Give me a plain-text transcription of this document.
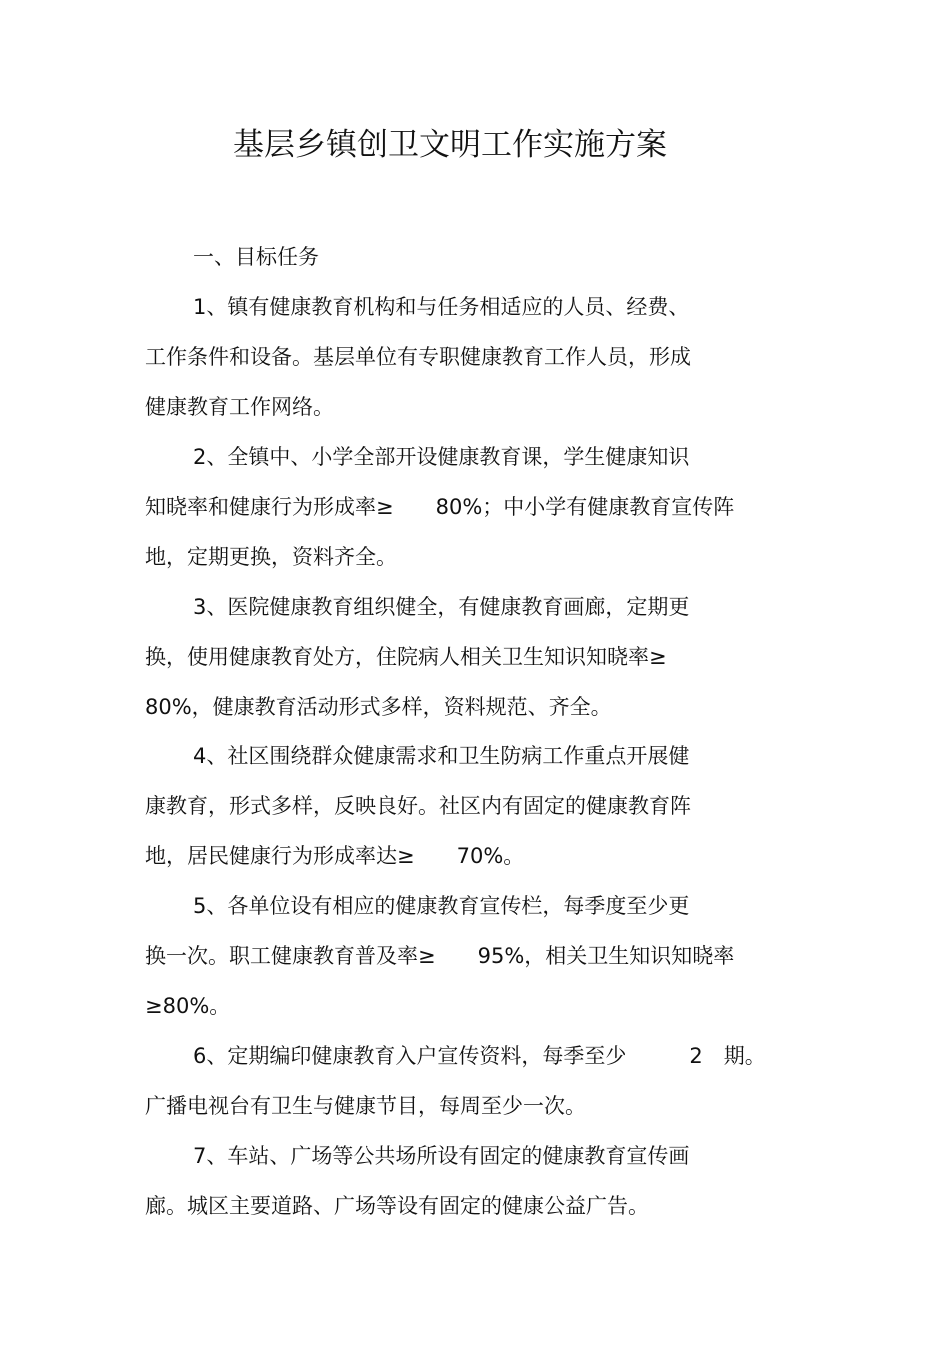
基层乡镇创卫文明工作实施方案

一、目标任务

1、镇有健康教育机构和与任务相适应的人员、经费、

工作条件和设备。基层单位有专职健康教育工作人员，形成

健康教育工作网络。

2、全镇中、小学全部开设健康教育课，学生健康知识

知晓率和健康行为形成率≥　　80%；中小学有健康教育宣传阵

地，定期更换，资料齐全。

3、医院健康教育组织健全，有健康教育画廊，定期更

换，使用健康教育处方，住院病人相关卫生知识知晓率≥

80%，健康教育活动形式多样，资料规范、齐全。

4、社区围绕群众健康需求和卫生防病工作重点开展健

康教育，形式多样，反映良好。社区内有固定的健康教育阵

地，居民健康行为形成率达≥　　70%。

5、各单位设有相应的健康教育宣传栏，每季度至少更

换一次。职工健康教育普及率≥　　95%，相关卫生知识知晓率

≥80%。

6、定期编印健康教育入户宣传资料，每季至少　　　2　期。

广播电视台有卫生与健康节目，每周至少一次。

7、车站、广场等公共场所设有固定的健康教育宣传画

廊。城区主要道路、广场等设有固定的健康公益广告。
